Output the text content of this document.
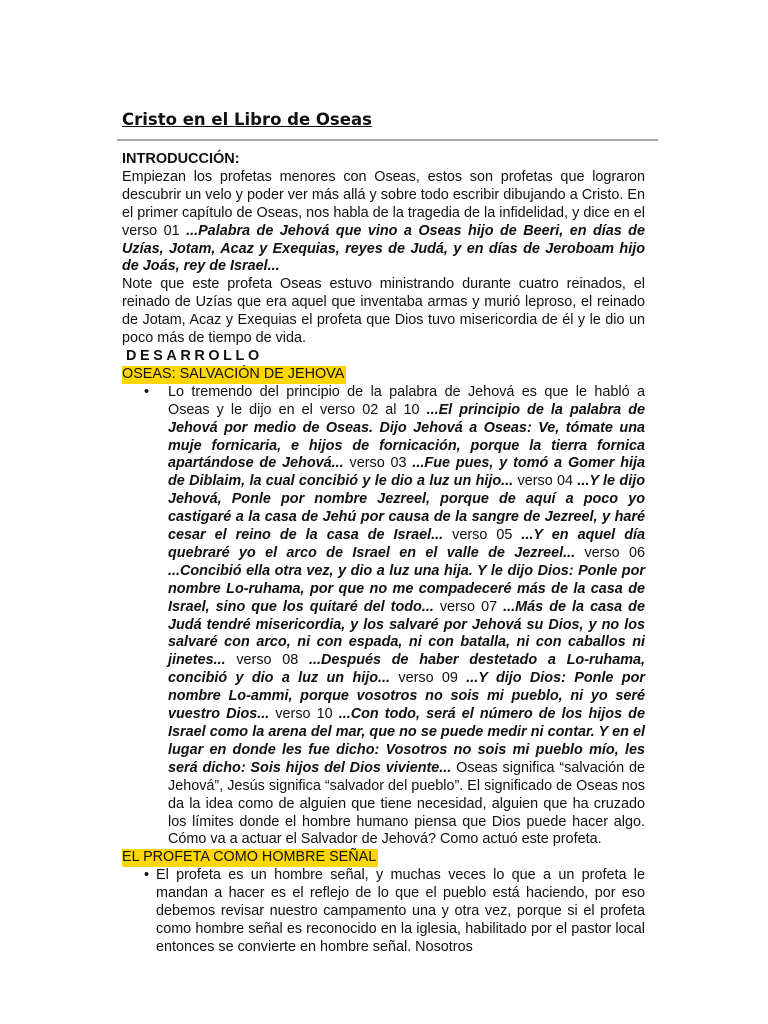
Cristo en el Libro de Oseas
INTRODUCCIÓN:

Empiezan los profetas menores con Oseas, estos son profetas que lograron descubrir un velo y poder ver más allá y sobre todo escribir dibujando a Cristo. En el primer capítulo de Oseas, nos habla de la tragedia de la infidelidad, y dice en el verso 01 ...Palabra de Jehová que vino a Oseas hijo de Beeri, en días de Uzías, Jotam, Acaz y Exequias, reyes de Judá, y en días de Jeroboam hijo de Joás, rey de Israel...

Note que este profeta Oseas estuvo ministrando durante cuatro reinados, el reinado de Uzías que era aquel que inventaba armas y murió leproso, el reinado de Jotam, Acaz y Exequias el profeta que Dios tuvo misericordia de él y le dio un poco más de tiempo de vida.

DESARROLLO
OSEAS: SALVACIÓN DE JEHOVA
• Lo tremendo del principio de la palabra de Jehová es que le habló a Oseas y le dijo en el verso 02 al 10 ...El principio de la palabra de Jehová por medio de Oseas. Dijo Jehová a Oseas: Ve, tómate una muje fornicaria, e hijos de fornicación, porque la tierra fornica apartándose de Jehová... verso 03 ...Fue pues, y tomó a Gomer hija de Diblaim, la cual concibió y le dio a luz un hijo... verso 04 ...Y le dijo Jehová, Ponle por nombre Jezreel, porque de aquí a poco yo castigaré a la casa de Jehú por causa de la sangre de Jezreel, y haré cesar el reino de la casa de Israel... verso 05 ...Y en aquel día quebraré yo el arco de Israel en el valle de Jezreel... verso 06 ...Concibió ella otra vez, y dio a luz una hija. Y le dijo Dios: Ponle por nombre Lo-ruhama, por que no me compadeceré más de la casa de Israel, sino que los quitaré del todo... verso 07 ...Más de la casa de Judá tendré misericordia, y los salvaré por Jehová su Dios, y no los salvaré con arco, ni con espada, ni con batalla, ni con caballos ni jinetes... verso 08 ...Después de haber destetado a Lo-ruhama, concibió y dio a luz un hijo... verso 09 ...Y dijo Dios: Ponle por nombre Lo-ammi, porque vosotros no sois mi pueblo, ni yo seré vuestro Dios... verso 10 ...Con todo, será el número de los hijos de Israel como la arena del mar, que no se puede medir ni contar. Y en el lugar en donde les fue dicho: Vosotros no sois mi pueblo mío, les será dicho: Sois hijos del Dios viviente... Oseas significa “salvación de Jehová”, Jesús significa “salvador del pueblo”. El significado de Oseas nos da la idea como de alguien que tiene necesidad, alguien que ha cruzado los límites donde el hombre humano piensa que Dios puede hacer algo. Cómo va a actuar el Salvador de Jehová? Como actuó este profeta.
EL PROFETA COMO HOMBRE SEÑAL
• El profeta es un hombre señal, y muchas veces lo que a un profeta le mandan a hacer es el reflejo de lo que el pueblo está haciendo, por eso debemos revisar nuestro campamento una y otra vez, porque si el profeta como hombre señal es reconocido en la iglesia, habilitado por el pastor local entonces se convierte en hombre señal. Nosotros
